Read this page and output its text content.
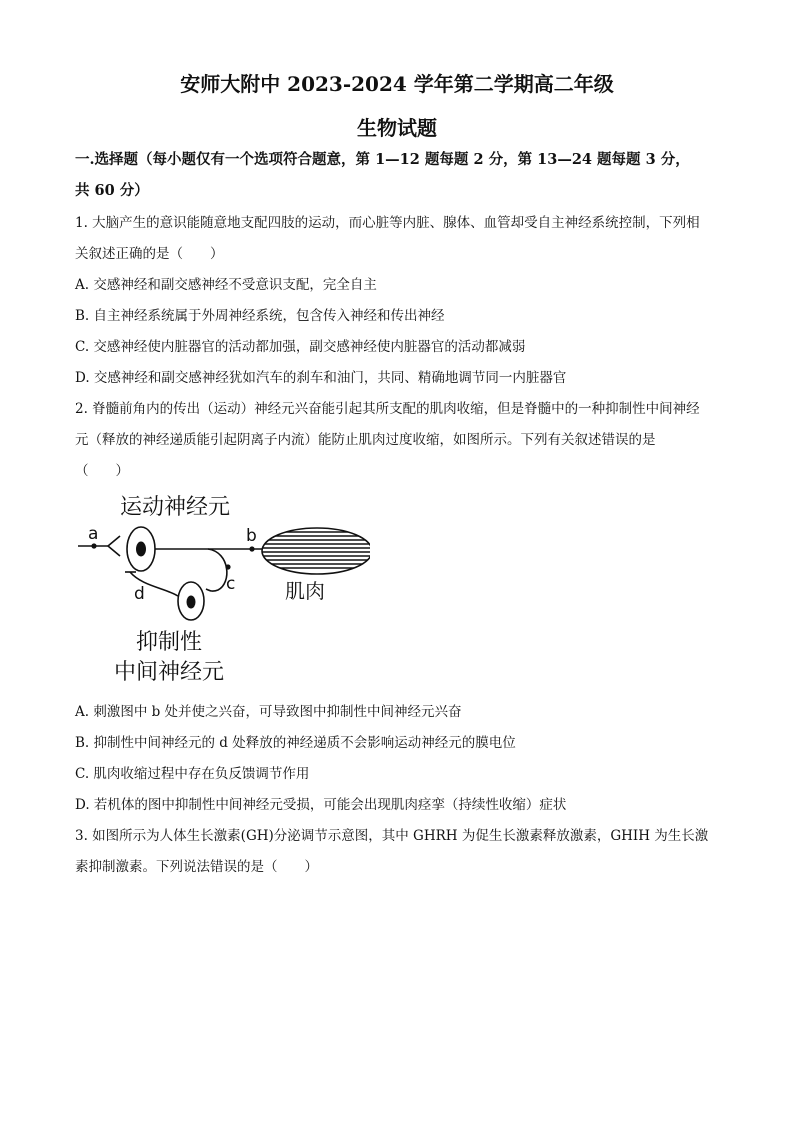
安师大附中 2023-2024 学年第二学期高二年级
生物试题
一.选择题（每小题仅有一个选项符合题意，第 1—12 题每题 2 分，第 13—24 题每题 3 分，
共 60 分）
1. 大脑产生的意识能随意地支配四肢的运动，而心脏等内脏、腺体、血管却受自主神经系统控制，下列相
关叙述正确的是（　　）
A. 交感神经和副交感神经不受意识支配，完全自主
B. 自主神经系统属于外周神经系统，包含传入神经和传出神经
C. 交感神经使内脏器官的活动都加强，副交感神经使内脏器官的活动都减弱
D. 交感神经和副交感神经犹如汽车的刹车和油门，共同、精确地调节同一内脏器官
2. 脊髓前角内的传出（运动）神经元兴奋能引起其所支配的肌肉收缩，但是脊髓中的一种抑制性中间神经
元（释放的神经递质能引起阴离子内流）能防止肌肉过度收缩，如图所示。下列有关叙述错误的是
（　　）
运动神经元
a	b
肌肉
c
d
抑制性
中间神经元
A. 刺激图中 b 处并使之兴奋，可导致图中抑制性中间神经元兴奋
B. 抑制性中间神经元的 d 处释放的神经递质不会影响运动神经元的膜电位
C. 肌肉收缩过程中存在负反馈调节作用
D. 若机体的图中抑制性中间神经元受损，可能会出现肌肉痉挛（持续性收缩）症状
3. 如图所示为人体生长激素(GH)分泌调节示意图，其中 GHRH 为促生长激素释放激素，GHIH 为生长激
素抑制激素。下列说法错误的是（　　）
